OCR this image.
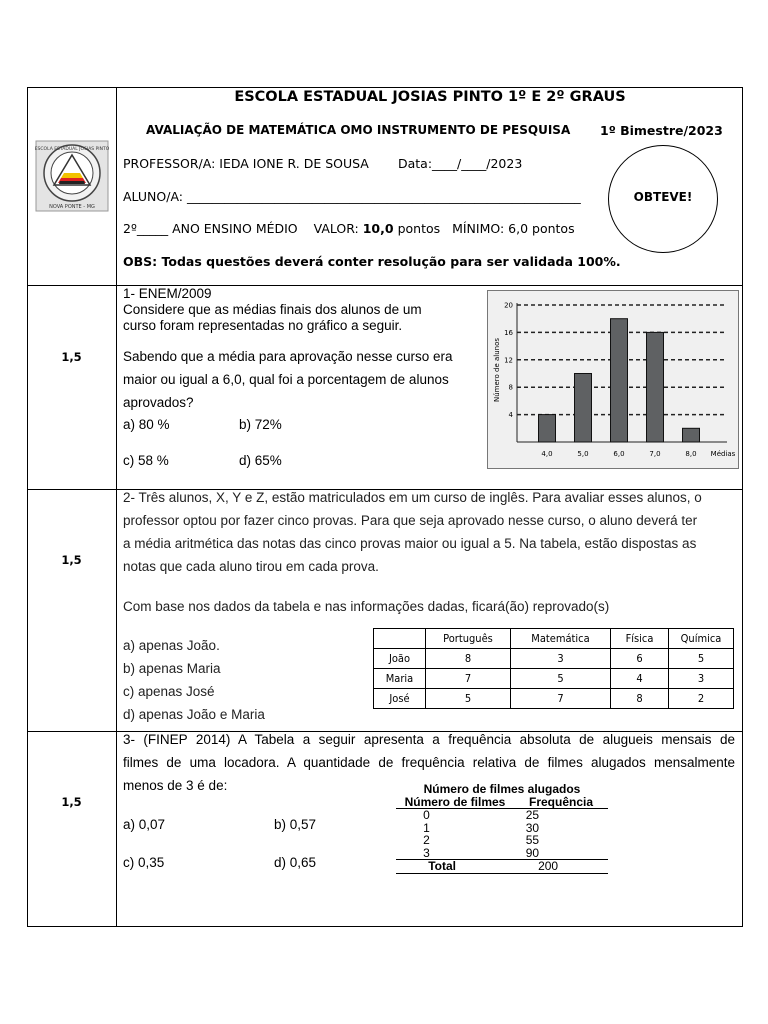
NOVA PONTE - MG
ESCOLA ESTADUAL JOSIAS PINTO
ESCOLA ESTADUAL JOSIAS PINTO 1º E 2º GRAUS
AVALIAÇÃO DE MATEMÁTICA OMO INSTRUMENTO DE PESQUISA 1º Bimestre/2023
PROFESSOR/A: IEDA IONE R. DE SOUSA Data:____/____/2023
ALUNO/A: _______________________________________________________________
2º_____ ANO ENSINO MÉDIO VALOR: 10,0 pontos MÍNIMO: 6,0 pontos
OBS: Todas questões deverá conter resolução para ser validada 100%.
OBTEVE!
1,5
1- ENEM/2009
Considere que as médias finais dos alunos de um
curso foram representadas no gráfico a seguir.
Sabendo que a média para aprovação nesse curso era
maior ou igual a 6,0, qual foi a porcentagem de alunos
aprovados?
a) 80 %	b) 72%
c) 58 %	d) 65%
4
8
12
16
20
4,0	5,0	6,0	7,0	8,0
Número de alunos
Médias
1,5
2- Três alunos, X, Y e Z, estão matriculados em um curso de inglês. Para avaliar esses alunos, o
professor optou por fazer cinco provas. Para que seja aprovado nesse curso, o aluno deverá ter
a média aritmética das notas das cinco provas maior ou igual a 5. Na tabela, estão dispostas as
notas que cada aluno tirou em cada prova.
Com base nos dados da tabela e nas informações dadas, ficará(ão) reprovado(s)
a) apenas João.
b) apenas Maria
c) apenas José
d) apenas João e Maria
	Português	Matemática	Física	Química
João	8	3	6	5
Maria	7	5	4	3
José	5	7	8	2
1,5
3- (FINEP 2014) A Tabela a seguir apresenta a frequência absoluta de alugueis mensais de
filmes de uma locadora. A quantidade de frequência relativa de filmes alugados mensalmente
menos de 3 é de:
a) 0,07	b) 0,57
c) 0,35	d) 0,65
Número de filmes alugados
Número de filmes	Frequência
0	25
1	30
2	55
3	90
Total	200
